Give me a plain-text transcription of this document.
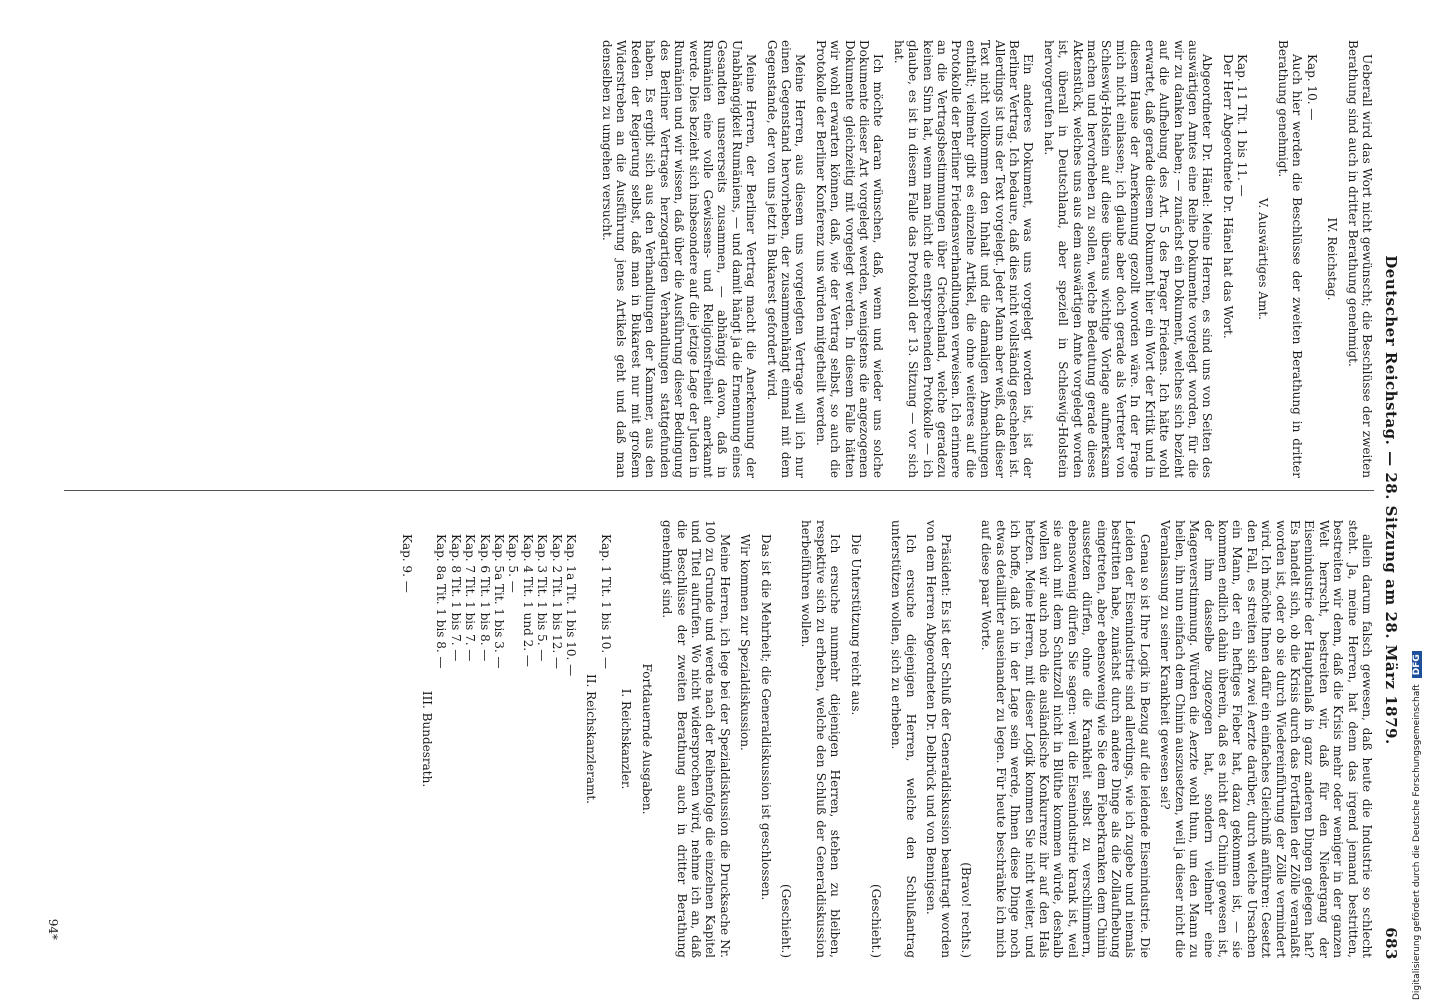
Deutscher Reichstag. — 28. Sitzung am 28. März 1879.
683

Ueberall wird das Wort nicht gewünscht; die Beschlüsse der zweiten Berathung sind auch in dritter Berathung genehmigt.

IV. Reichstag.

Kap. 10. —

Auch hier werden die Beschlüsse der zweiten Berathung in dritter Berathung genehmigt.

V. Auswärtiges Amt.

Kap. 11 Tit. 1 bis 11. —

Der Herr Abgeordnete Dr. Hänel hat das Wort.

Abgeordneter Dr. Hänel: Meine Herren, es sind uns von Seiten des auswärtigen Amtes eine Reihe Dokumente vorgelegt worden, für die wir zu danken haben; — zunächst ein Dokument, welches sich bezieht auf die Aufhebung des Art. 5 des Prager Friedens. Ich hätte wohl erwartet, daß gerade diesem Dokument hier ein Wort der Kritik und in diesem Hause der Anerkennung gezollt worden wäre. In der Frage mich nicht einlassen; ich glaube aber doch gerade als Vertreter von Schleswig-Holstein auf diese überaus wichtige Vorlage aufmerksam machen und hervorheben zu sollen, welche Bedeutung gerade dieses Aktenstück, welches uns aus dem auswärtigen Amte vorgelegt worden ist, überall in Deutschland, aber speziell in Schleswig-Holstein hervorgerufen hat.

Ein anderes Dokument, was uns vorgelegt worden ist, ist der Berliner Vertrag. Ich bedaure, daß dies nicht vollständig geschehen ist. Allerdings ist uns der Text vorgelegt. Jeder Mann aber weiß, daß dieser Text nicht vollkommen den Inhalt und die damaligen Abmachungen enthält; vielmehr gibt es einzelne Artikel, die ohne weiteres auf die Protokolle der Berliner Friedensverhandlungen verweisen. Ich erinnere an die Vertragsbestimmungen über Griechenland, welche geradezu keinen Sinn hat, wenn man nicht die entsprechenden Protokolle — ich glaube, es ist in diesem Falle das Protokoll der 13. Sitzung — vor sich hat.

Ich möchte daran wünschen, daß, wenn und wieder uns solche Dokumente dieser Art vorgelegt werden, wenigstens die angezogenen Dokumente gleichzeitig mit vorgelegt werden. In diesem Falle hätten wir wohl erwarten können, daß, wie der Vertrag selbst, so auch die Protokolle der Berliner Konferenz uns würden mitgetheilt werden.

Meine Herren, aus diesem uns vorgelegten Vertrage will ich nur einen Gegenstand hervorheben, der zusammenhängt einmal mit dem Gegenstande, der von uns jetzt in Bukarest gefordert wird.

Meine Herren, der Berliner Vertrag macht die Anerkennung der Unabhängigkeit Rumäniens, — und damit hängt ja die Ernennung eines Gesandten unsererseits zusammen, — abhängig davon, daß in Rumänien eine volle Gewissens- und Religionsfreiheit anerkannt werde. Dies bezieht sich insbesondere auf die jetzige Lage der Juden in Rumänien und wir wissen, daß über die Ausführung dieser Bedingung des Berliner Vertrages herzogartigen Verhandlungen stattgefunden haben. Es ergibt sich aus den Verhandlungen der Kammer, aus den Reden der Regierung selbst, daß man in Bukarest nur mit großem Widerstreben an die Ausführung jenes Artikels geht und daß man denselben zu umgehen versucht.

allein darum falsch gewesen, daß heute die Industrie so schlecht steht. Ja, meine Herren, hat denn das irgend jemand bestritten, bestreiten wir denn, daß die Krisis mehr oder weniger in der ganzen Welt herrscht, bestreiten wir, daß für den Niedergang der Eisenindustrie der Hauptanlaß in ganz anderen Dingen gelegen hat? Es handelt sich, ob die Krisis durch das Fortfallen der Zölle veranlaßt worden ist, oder ob sie durch Wiedereinführung der Zölle vermindert wird. Ich möchte Ihnen dafür ein einfaches Gleichniß anführen: Gesetzt den Fall, es streiten sich zwei Aerzte darüber, durch welche Ursachen ein Mann, der ein heftiges Fieber hat, dazu gekommen ist, — sie kommen endlich dahin überein, daß es nicht der Chinin gewesen ist, der ihm dasselbe zugezogen hat, sondern vielmehr eine Magenverstimmung. Würden die Aerzte wohl thun, um den Mann zu heilen, ihn nun einfach dem Chinin auszusetzen, weil ja dieser nicht die Veranlassung zu seiner Krankheit gewesen sei?

Genau so ist Ihre Logik in Bezug auf die leidende Eisenindustrie. Die Leiden der Eisenindustrie sind allerdings, wie ich zugebe und niemals bestritten habe, zunächst durch andere Dinge als die Zollaufhebung eingetreten, aber ebensowenig wie Sie dem Fieberkranken dem Chinin aussetzen dürfen, ohne die Krankheit selbst zu verschlimmern, ebensowenig dürfen Sie sagen: weil die Eisenindustrie krank ist, weil sie auch mit dem Schutzzoll nicht in Blüthe kommen würde, deshalb wollen wir auch noch die ausländische Konkurrenz ihr auf den Hals hetzen. Meine Herren, mit dieser Logik kommen Sie nicht weiter, und ich hoffe, daß ich in der Lage sein werde, Ihnen diese Dinge noch etwas detaillirter auseinander zu legen. Für heute beschränke ich mich auf diese paar Worte.

(Bravo! rechts.)

Präsident: Es ist der Schluß der Generaldiskussion beantragt worden von dem Herren Abgeordneten Dr. Delbrück und von Bennigsen.

Ich ersuche diejenigen Herren, welche den Schlußantrag unterstützen wollen, sich zu erheben.

(Geschieht.)

Die Unterstützung reicht aus.

Ich ersuche nunmehr diejenigen Herren, stehen zu bleiben, respektive sich zu erheben, welche den Schluß der Generaldiskussion herbeiführen wollen.

(Geschieht.)

Das ist die Mehrheit; die Generaldiskussion ist geschlossen.

Wir kommen zur Spezialdiskussion.

Meine Herren, ich lege bei der Spezialdiskussion die Drucksache Nr. 100 zu Grunde und werde nach der Reihenfolge die einzelnen Kapitel und Titel aufrufen. Wo nicht widersprochen wird, nehme ich an, daß die Beschlüsse der zweiten Berathung auch in dritter Berathung genehmigt sind.

Fortdauernde Ausgaben.

I. Reichskanzler.

Kap. 1 Tit. 1 bis 10. —

II. Reichskanzleramt.

Kap. 1a Tit. 1 bis 10. —

Kap. 2 Tit. 1 bis 12. —

Kap. 3 Tit. 1 bis 5. —

Kap. 4 Tit. 1 und 2. —

Kap. 5. —

Kap. 5a Tit. 1 bis 3. —

Kap. 6 Tit. 1 bis 8. —

Kap. 7 Tit. 1 bis 7. —

Kap. 8 Tit. 1 bis 7. —

Kap. 8a Tit. 1 bis 8. —

III. Bundesrath.

Kap. 9. —

94*	Digitalisierung gefördert durch die Deutsche ForschungsgemeinschaftDFG
